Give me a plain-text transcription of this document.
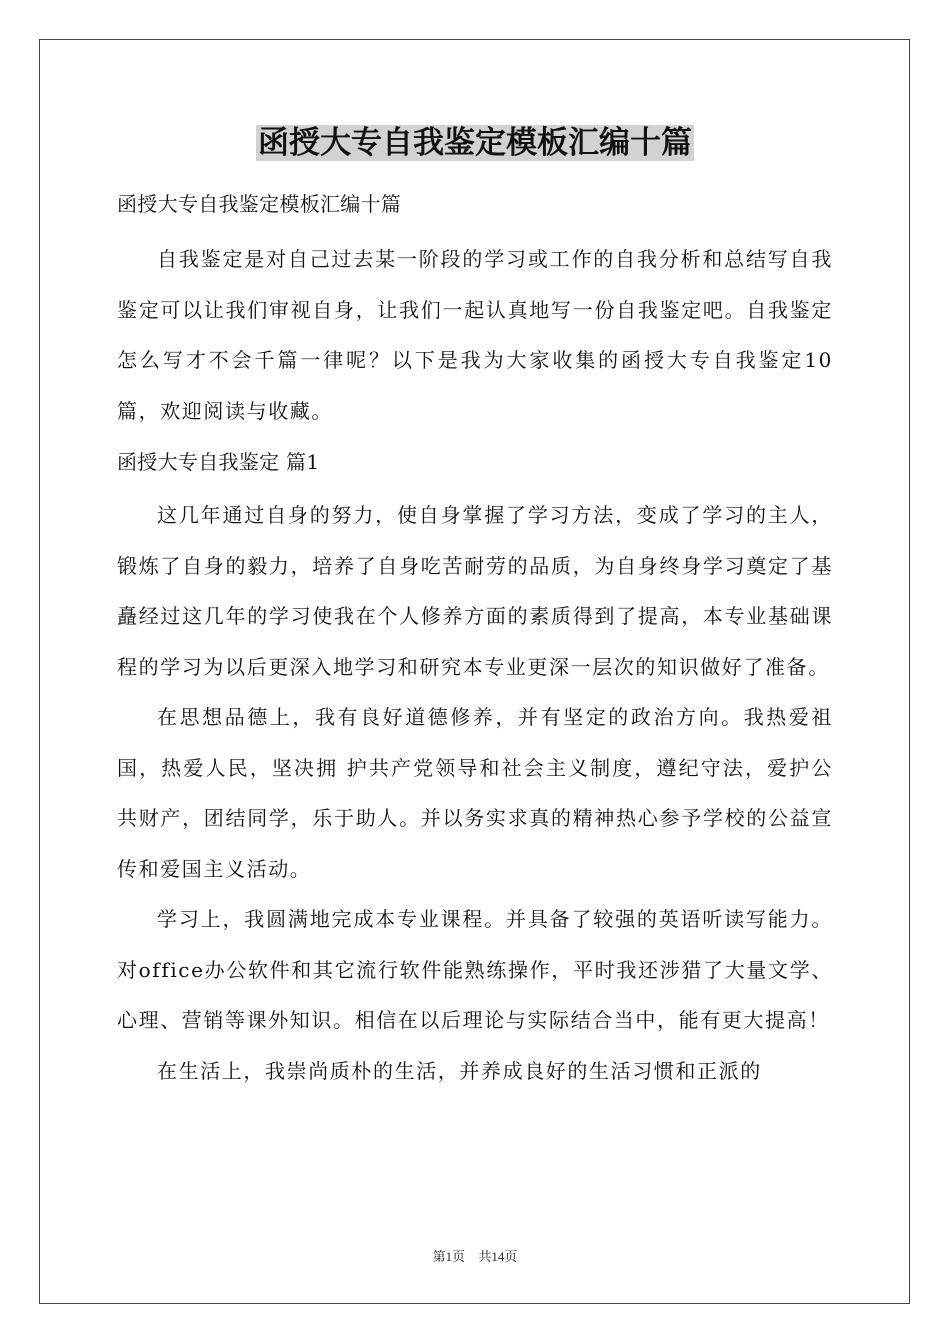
函授大专自我鉴定模板汇编十篇

函授大专自我鉴定模板汇编十篇

自我鉴定是对自己过去某一阶段的学习或工作的自我分析和总结写自我鉴定可以让我们审视自身，让我们一起认真地写一份自我鉴定吧。自我鉴定怎么写才不会千篇一律呢？以下是我为大家收集的函授大专自我鉴定10篇，欢迎阅读与收藏。

函授大专自我鉴定 篇1

这几年通过自身的努力，使自身掌握了学习方法，变成了学习的主人，锻炼了自身的毅力，培养了自身吃苦耐劳的品质，为自身终身学习奠定了基矗经过这几年的学习使我在个人修养方面的素质得到了提高，本专业基础课程的学习为以后更深入地学习和研究本专业更深一层次的知识做好了准备。

在思想品德上，我有良好道德修养，并有坚定的政治方向。我热爱祖国，热爱人民，坚决拥 护共产党领导和社会主义制度，遵纪守法，爱护公共财产，团结同学，乐于助人。并以务实求真的精神热心参予学校的公益宣传和爱国主义活动。

学习上，我圆满地完成本专业课程。并具备了较强的英语听读写能力。对office办公软件和其它流行软件能熟练操作，平时我还涉猎了大量文学、心理、营销等课外知识。相信在以后理论与实际结合当中，能有更大提高！

在生活上，我崇尚质朴的生活，并养成良好的生活习惯和正派的

第1页 共14页
